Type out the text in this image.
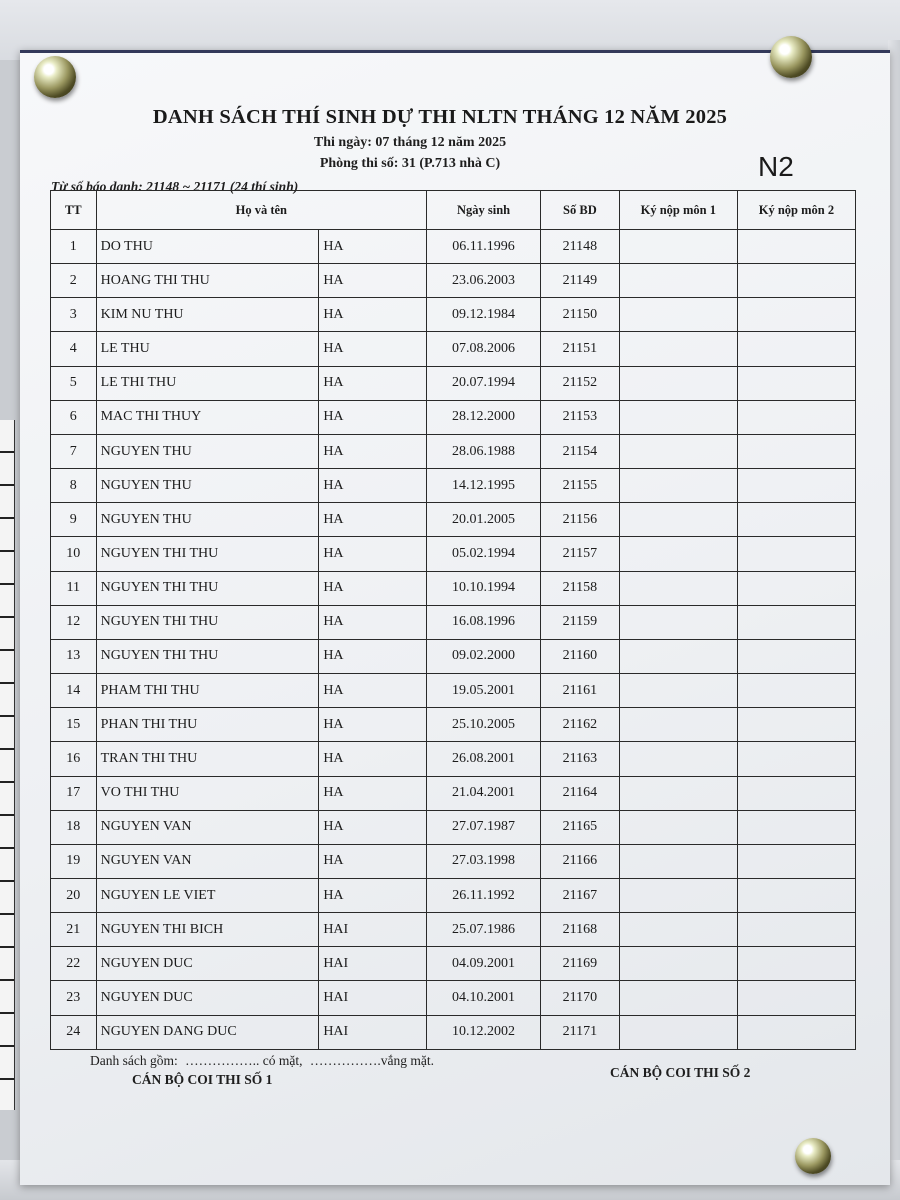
DANH SÁCH THÍ SINH DỰ THI NLTN THÁNG 12 NĂM 2025
Thi ngày: 07 tháng 12 năm 2025
Phòng thi số: 31 (P.713 nhà C)	N2
Từ số báo danh: 21148 ~ 21171 (24 thí sinh)
TT	Họ và tên		Ngày sinh	Số BD	Ký nộp môn 1	Ký nộp môn 2
1	DO THU	HA	06.11.1996	21148		
2	HOANG THI THU	HA	23.06.2003	21149		
3	KIM NU THU	HA	09.12.1984	21150		
4	LE THU	HA	07.08.2006	21151		
5	LE THI THU	HA	20.07.1994	21152		
6	MAC THI THUY	HA	28.12.2000	21153		
7	NGUYEN THU	HA	28.06.1988	21154		
8	NGUYEN THU	HA	14.12.1995	21155		
9	NGUYEN THU	HA	20.01.2005	21156		
10	NGUYEN THI THU	HA	05.02.1994	21157		
11	NGUYEN THI THU	HA	10.10.1994	21158		
12	NGUYEN THI THU	HA	16.08.1996	21159		
13	NGUYEN THI THU	HA	09.02.2000	21160		
14	PHAM THI THU	HA	19.05.2001	21161		
15	PHAN THI THU	HA	25.10.2005	21162		
16	TRAN THI THU	HA	26.08.2001	21163		
17	VO THI THU	HA	21.04.2001	21164		
18	NGUYEN VAN	HA	27.07.1987	21165		
19	NGUYEN VAN	HA	27.03.1998	21166		
20	NGUYEN LE VIET	HA	26.11.1992	21167		
21	NGUYEN THI BICH	HAI	25.07.1986	21168		
22	NGUYEN DUC	HAI	04.09.2001	21169		
23	NGUYEN DUC	HAI	04.10.2001	21170		
24	NGUYEN DANG DUC	HAI	10.12.2002	21171		
Danh sách gồm: …………….. có mặt, …………….vắng mặt.
CÁN BỘ COI THI SỐ 1	CÁN BỘ COI THI SỐ 2
